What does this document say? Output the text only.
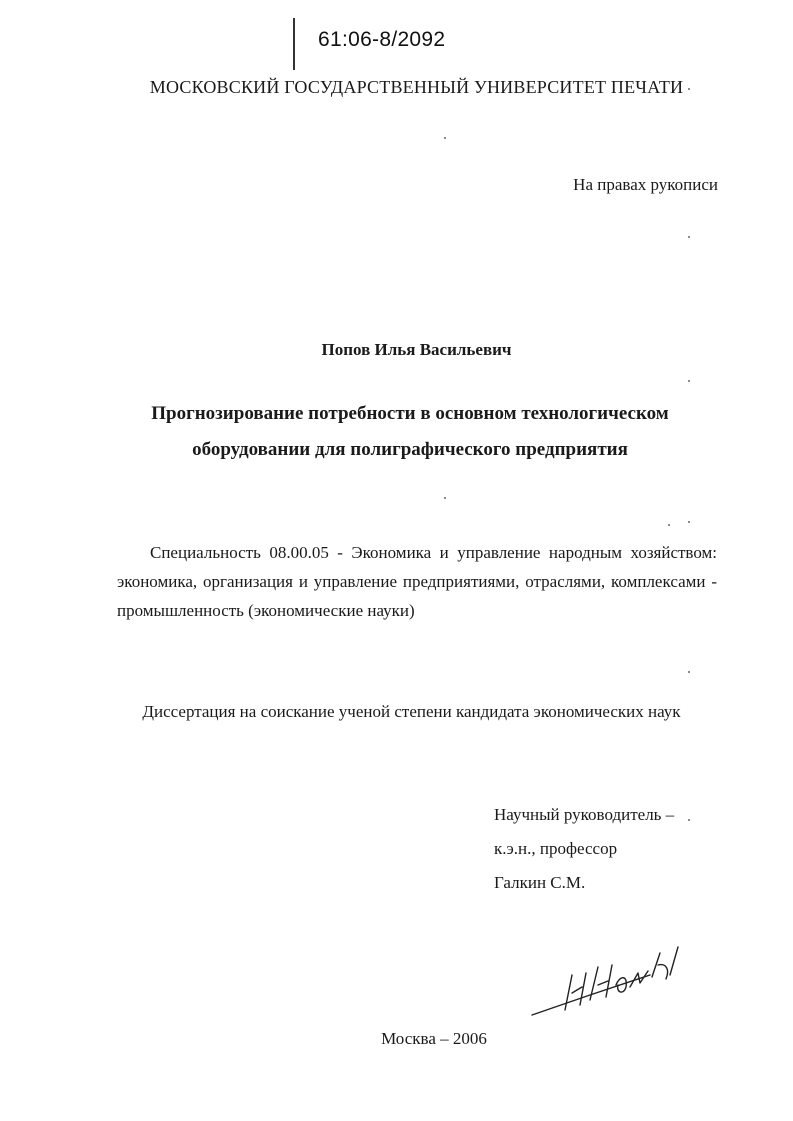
61:06-8/2092
МОСКОВСКИЙ ГОСУДАРСТВЕННЫЙ УНИВЕРСИТЕТ ПЕЧАТИ
На правах рукописи
Попов Илья Васильевич
Прогнозирование потребности в основном технологическом
оборудовании для полиграфического предприятия
Специальность 08.00.05 - Экономика и управление народным хозяйством: экономика, организация и управление предприятиями, отраслями, комплексами - промышленность (экономические науки)
Диссертация на соискание ученой степени кандидата экономических наук
Научный руководитель –
к.э.н., профессор
Галкин С.М.
Москва – 2006
